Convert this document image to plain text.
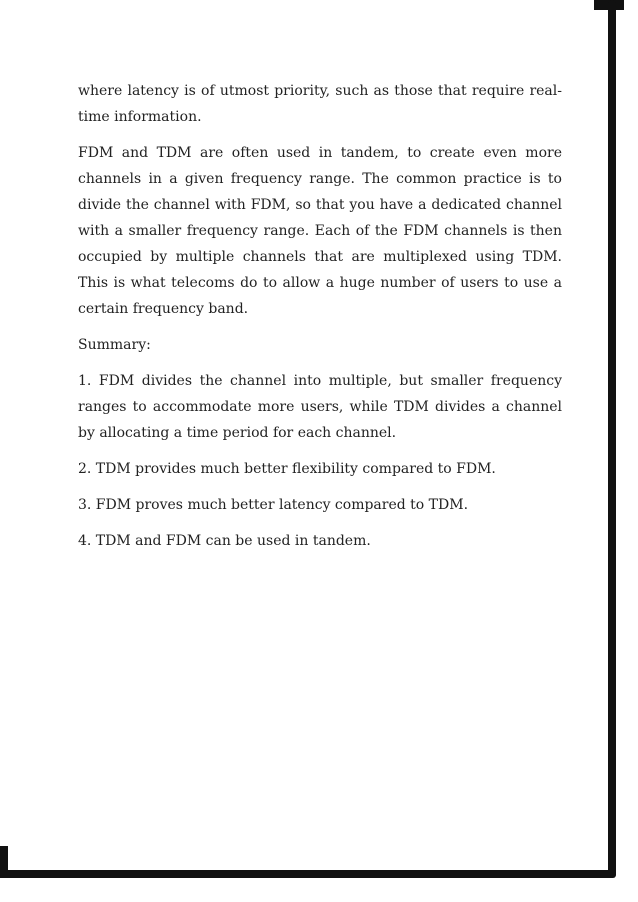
where latency is of utmost priority, such as those that require real-time information.

FDM and TDM are often used in tandem, to create even more channels in a given frequency range. The common practice is to divide the channel with FDM, so that you have a dedicated channel with a smaller frequency range. Each of the FDM channels is then occupied by multiple channels that are multiplexed using TDM. This is what telecoms do to allow a huge number of users to use a certain frequency band.

Summary:

1. FDM divides the channel into multiple, but smaller frequency ranges to accommodate more users, while TDM divides a channel by allocating a time period for each channel.

2. TDM provides much better flexibility compared to FDM.

3. FDM proves much better latency compared to TDM.

4. TDM and FDM can be used in tandem.
